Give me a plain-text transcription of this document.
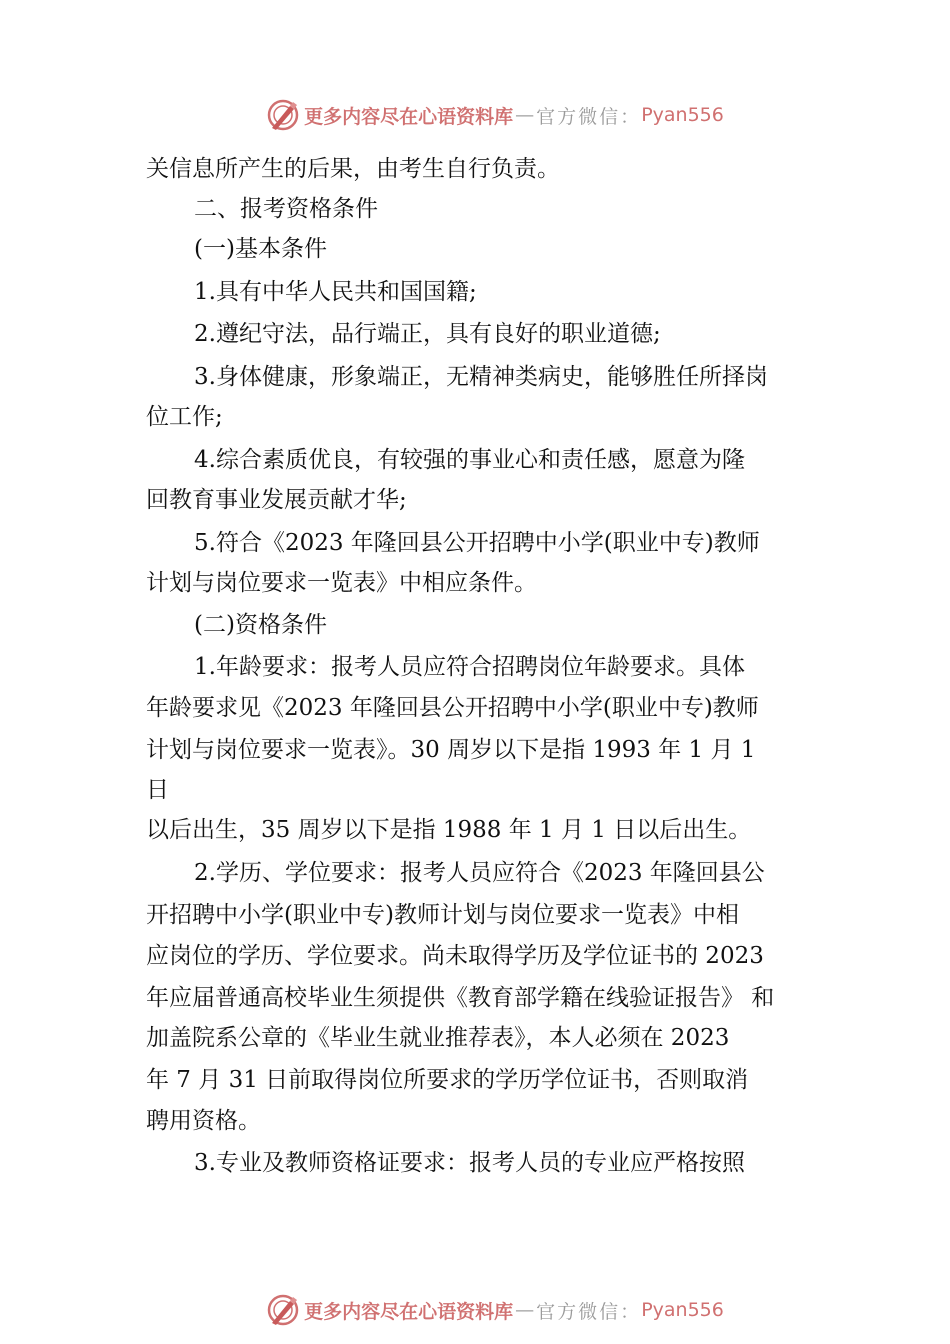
更多内容尽在心语资料库 — 官方微信： Pyan556
关信息所产生的后果，由考生自行负责。
二、报考资格条件
(一)基本条件
1.具有中华人民共和国国籍;
2.遵纪守法，品行端正，具有良好的职业道德;
3.身体健康，形象端正，无精神类病史，能够胜任所择岗
位工作;
4.综合素质优良，有较强的事业心和责任感，愿意为隆
回教育事业发展贡献才华;
5.符合《2023 年隆回县公开招聘中小学(职业中专)教师
计划与岗位要求一览表》中相应条件。
(二)资格条件
1.年龄要求：报考人员应符合招聘岗位年龄要求。具体
年龄要求见《2023 年隆回县公开招聘中小学(职业中专)教师
计划与岗位要求一览表》。30 周岁以下是指 1993 年 1 月 1
日
以后出生，35 周岁以下是指 1988 年 1 月 1 日以后出生。
2.学历、学位要求：报考人员应符合《2023 年隆回县公
开招聘中小学(职业中专)教师计划与岗位要求一览表》中相
应岗位的学历、学位要求。尚未取得学历及学位证书的 2023
年应届普通高校毕业生须提供《教育部学籍在线验证报告》 和
加盖院系公章的《毕业生就业推荐表》，本人必须在 2023
年 7 月 31 日前取得岗位所要求的学历学位证书，否则取消
聘用资格。
3.专业及教师资格证要求：报考人员的专业应严格按照
更多内容尽在心语资料库 — 官方微信： Pyan556
